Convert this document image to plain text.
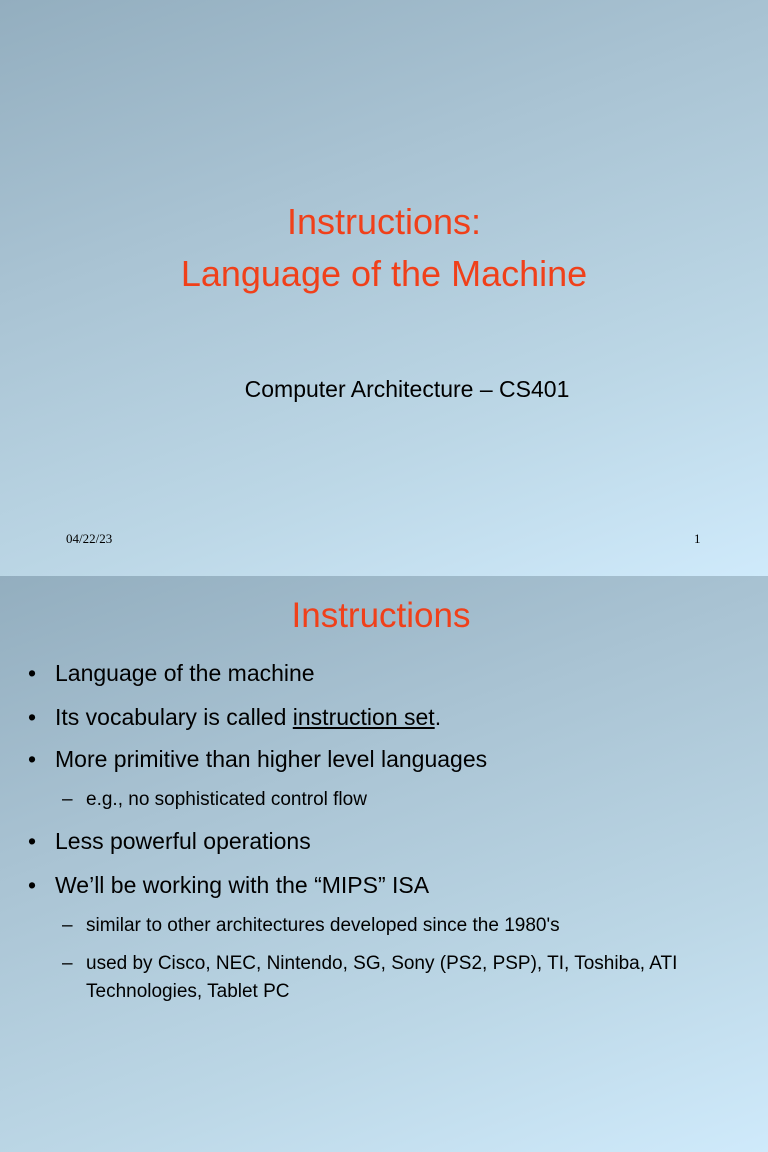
Instructions:
Language of the Machine
Computer Architecture – CS401
04/22/23	1
Instructions
• Language of the machine
• Its vocabulary is called instruction set.
• More primitive than higher level languages
– e.g., no sophisticated control flow
• Less powerful operations
• We’ll be working with the “MIPS” ISA
– similar to other architectures developed since the 1980's
– used by Cisco, NEC, Nintendo, SG, Sony (PS2, PSP), TI, Toshiba, ATI Technologies, Tablet PC
